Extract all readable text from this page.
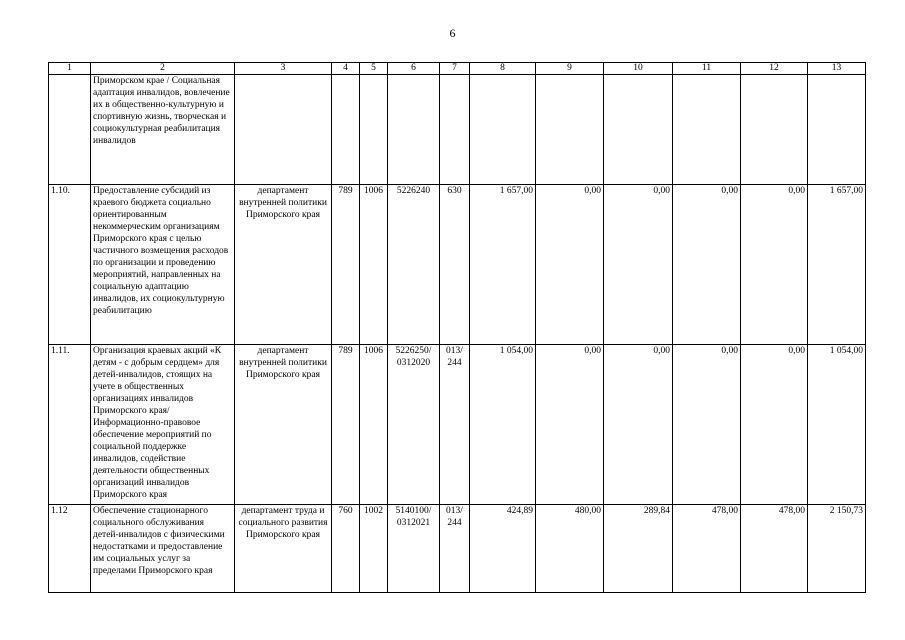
6
1	2	3	4	5	6	7	8	9	10	11	12	13
	Приморском крае / Социальная адаптация инвалидов, вовлечение их в общественно-культурную и спортивную жизнь, творческая и социокультурная реабилитация инвалидов											
1.10.	Предоставление субсидий из краевого бюджета социально ориентированным некоммерческим организациям Приморского края с целью частичного возмещения расходов по организации и проведению мероприятий, направленных на социальную адаптацию инвалидов, их социокультурную реабилитацию	департамент внутренней политики Приморского края	789	1006	5226240	630	1 657,00	0,00	0,00	0,00	0,00	1 657,00
1.11.	Организация краевых акций «К детям - с добрым сердцем» для детей-инвалидов, стоящих на учете в общественных организациях инвалидов Приморского края/ Информационно-правовое обеспечение мероприятий по социальной поддержке инвалидов, содействие деятельности общественных организаций инвалидов Приморского края	департамент внутренней политики Приморского края	789	1006	5226250/ 0312020	013/ 244	1 054,00	0,00	0,00	0,00	0,00	1 054,00
1.12	Обеспечение стационарного социального обслуживания детей-инвалидов с физическими недостатками и предоставление им социальных услуг за пределами Приморского края	департамент труда и социального развития Приморского края	760	1002	5140100/ 0312021	013/ 244	424,89	480,00	289,84	478,00	478,00	2 150,73
